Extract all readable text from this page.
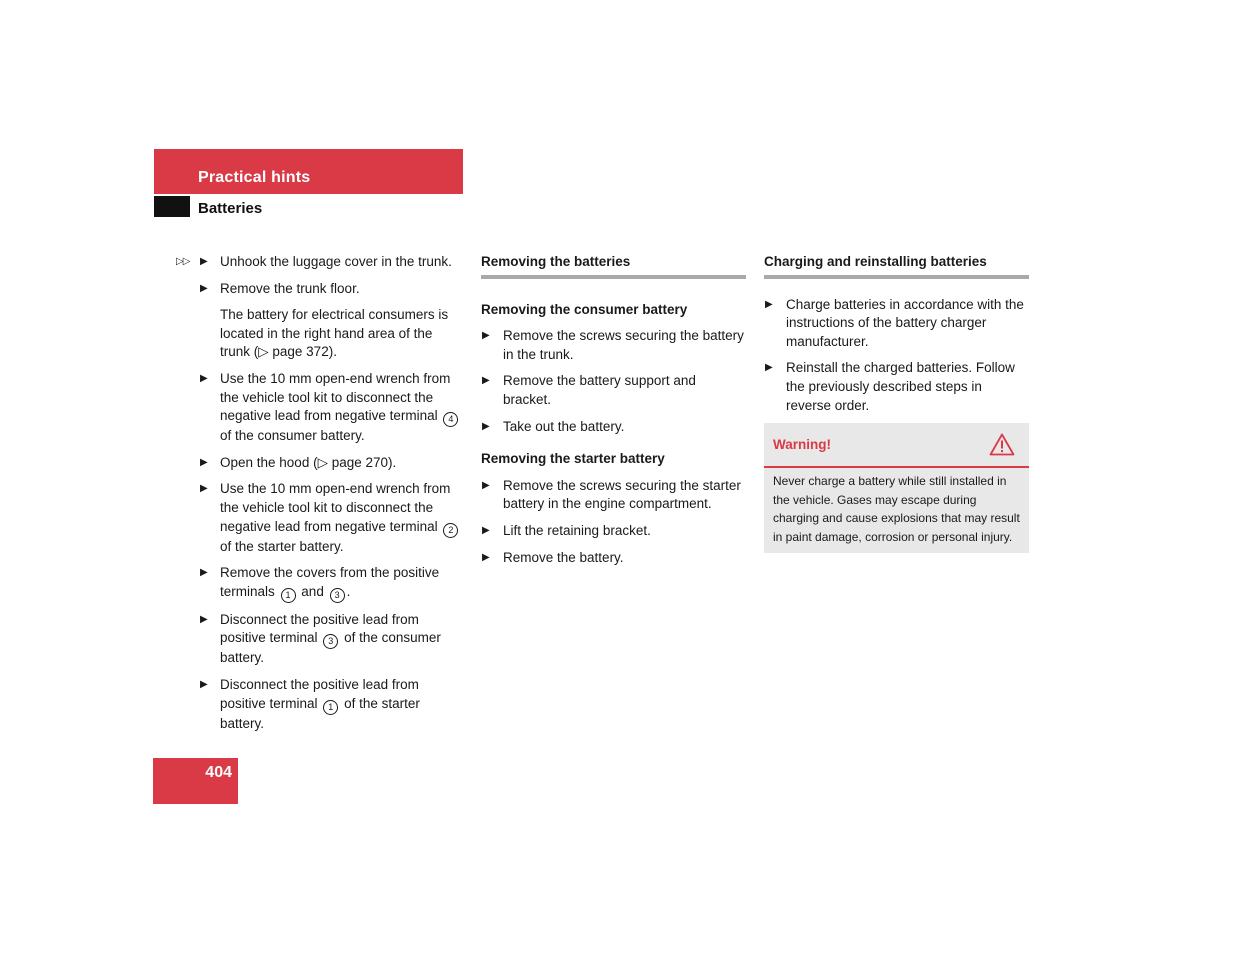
Practical hints
Batteries
▷▷ ▶ Unhook the luggage cover in the trunk.
▶ Remove the trunk floor.
The battery for electrical consumers is located in the right hand area of the trunk (▷ page 372).
▶ Use the 10 mm open-end wrench from the vehicle tool kit to disconnect the negative lead from negative terminal 4 of the consumer battery.
▶ Open the hood (▷ page 270).
▶ Use the 10 mm open-end wrench from the vehicle tool kit to disconnect the negative lead from negative terminal 2 of the starter battery.
▶ Remove the covers from the positive terminals 1 and 3 .
▶ Disconnect the positive lead from positive terminal 3 of the consumer battery.
▶ Disconnect the positive lead from positive terminal 1 of the starter battery.
Removing the batteries
Removing the consumer battery
▶ Remove the screws securing the battery in the trunk.
▶ Remove the battery support and bracket.
▶ Take out the battery.
Removing the starter battery
▶ Remove the screws securing the starter battery in the engine compartment.
▶ Lift the retaining bracket.
▶ Remove the battery.
Charging and reinstalling batteries
▶ Charge batteries in accordance with the instructions of the battery charger manufacturer.
▶ Reinstall the charged batteries. Follow the previously described steps in reverse order.
Warning!
Never charge a battery while still installed in the vehicle. Gases may escape during charging and cause explosions that may result in paint damage, corrosion or personal injury.
404
